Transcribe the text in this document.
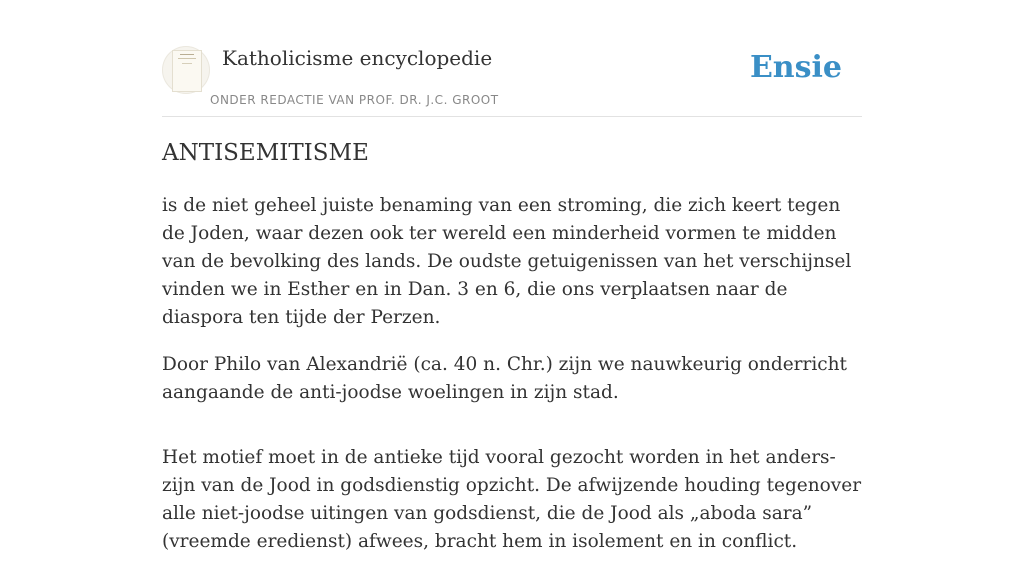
Katholicisme encyclopedie
ONDER REDACTIE VAN PROF. DR. J.C. GROOT
Ensie
ANTISEMITISME

is de niet geheel juiste benaming van een stroming, die zich keert tegen de Joden, waar dezen ook ter wereld een minderheid vormen te midden van de bevolking des lands. De oudste getuigenissen van het verschijnsel vinden we in Esther en in Dan. 3 en 6, die ons verplaatsen naar de diaspora ten tijde der Perzen.

Door Philo van Alexandrië (ca. 40 n. Chr.) zijn we nauwkeurig onderricht aangaande de anti-joodse woelingen in zijn stad.

Het motief moet in de antieke tijd vooral gezocht worden in het anders-zijn van de Jood in godsdienstig opzicht. De afwijzende houding tegenover alle niet-joodse uitingen van godsdienst, die de Jood als „aboda sara” (vreemde eredienst) afwees, bracht hem in isolement en in conflict.
